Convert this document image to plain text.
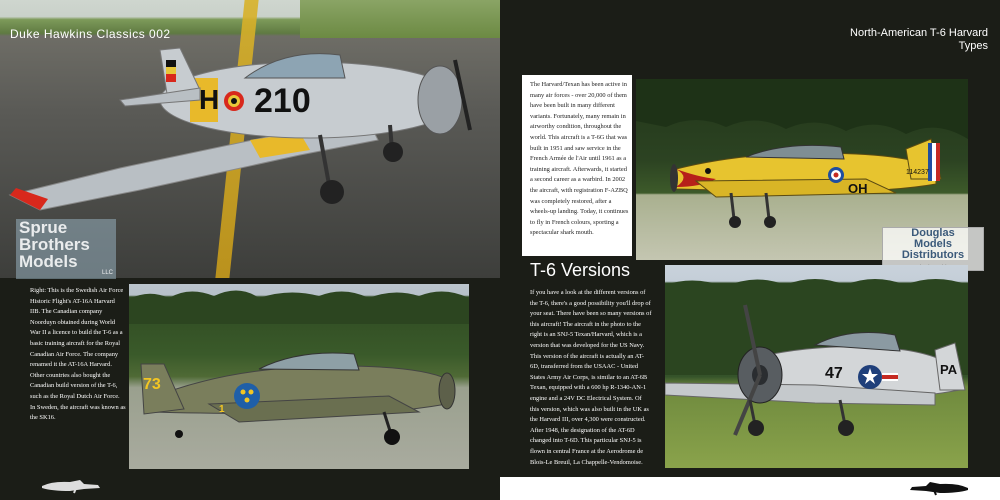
H 210
Duke Hawkins Classics 002
Sprue
Brothers
Models
LLC
Right: This is the Swedish Air Force Historic Flight's AT-16A Harvard IIB. The Canadian company Noorduyn obtained during World War II a licence to build the T-6 as a basic training aircraft for the Royal Canadian Air Force. The company renamed it the AT-16A Harvard. Other countries also bought the Canadian build version of the T-6, such as the Royal Dutch Air Force. In Sweden, the aircraft was known as the SK16.
73
1
North-American T-6 Harvard
Types
The Harvard/Texan has been active in many air forces - over 20,000 of them have been built in many different variants. Fortunately, many remain in airworthy condition, throughout the world. This aircraft is a T-6G that was built in 1951 and saw service in the French Armée de l'Air until 1961 as a training aircraft. Afterwards, it started a second career as a warbird. In 2002 the aircraft, with registration F-AZBQ was completely restored, after a wheels-up landing. Today, it continues to fly in French colours, sporting a spectacular shark mouth.
OH
114237
Douglas
Models
Distributors
T-6 Versions
If you have a look at the different versions of the T-6, there's a good possibility you'll drop of your seat. There have been so many versions of this aircraft! The aircraft in the photo to the right is an SNJ-5 Texan/Harvard, which is a version that was developed for the US Navy. This version of the aircraft is actually an AT-6D, transferred from the USAAC - United States Army Air Corps, is similar to an AT-6B Texan, equipped with a 600 hp R-1340-AN-1 engine and a 24V DC Electrical System. Of this version, which was also built in the UK as the Harvard III, over 4,300 were constructed. After 1948, the designation of the AT-6D changed into T-6D. This particular SNJ-5 is flown in central France at the Aerodrome de Blois-Le Breuil, La Chappelle-Vendomoise.
47	PA
